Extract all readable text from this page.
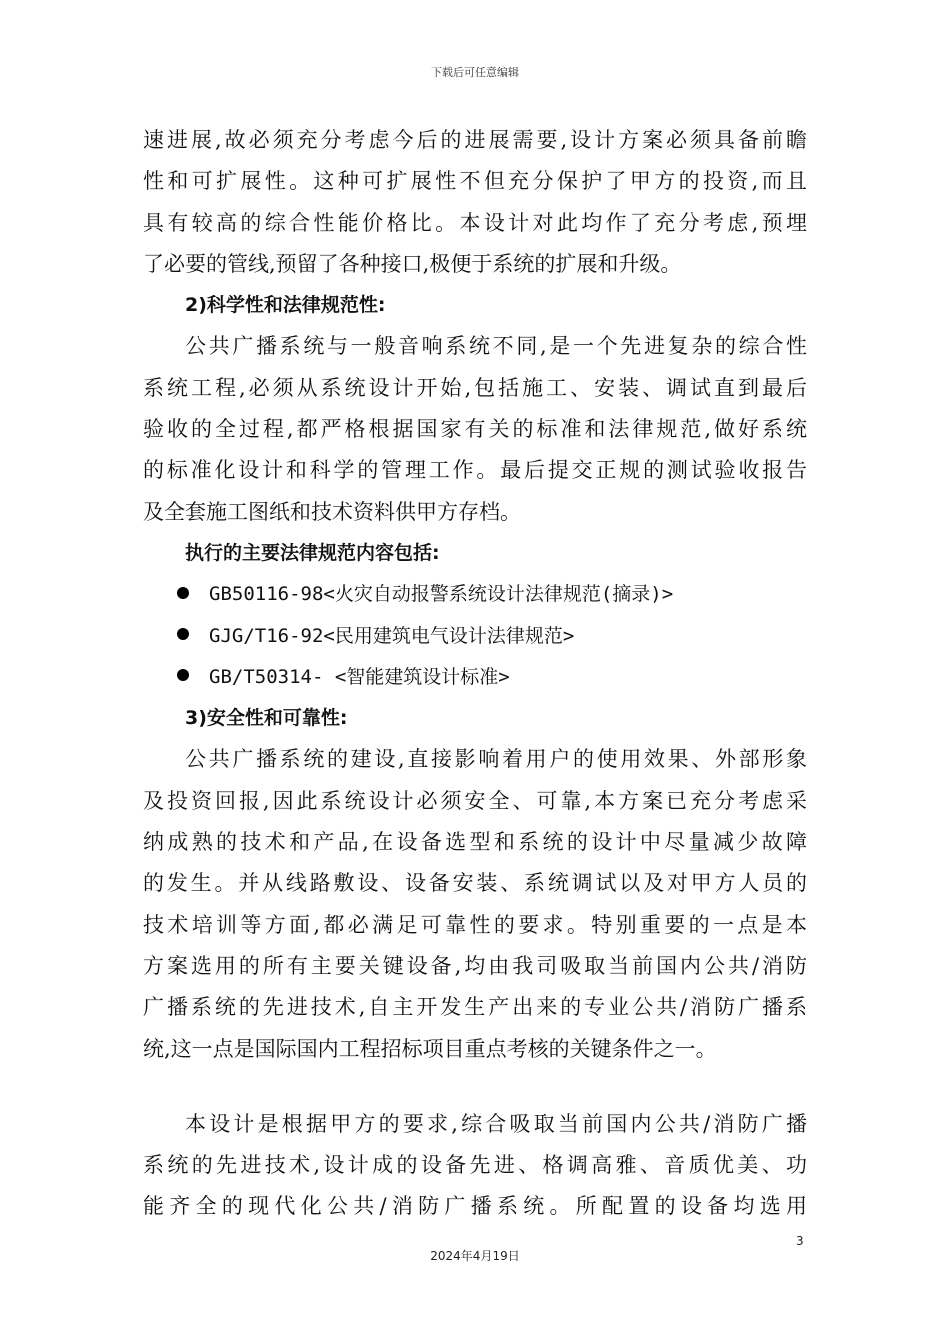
下载后可任意编辑
速进展,故必须充分考虑今后的进展需要,设计方案必须具备前瞻
性和可扩展性。这种可扩展性不但充分保护了甲方的投资,而且
具有较高的综合性能价格比。本设计对此均作了充分考虑,预埋
了必要的管线,预留了各种接口,极便于系统的扩展和升级。
2)科学性和法律规范性:
公共广播系统与一般音响系统不同,是一个先进复杂的综合性
系统工程,必须从系统设计开始,包括施工、安装、调试直到最后
验收的全过程,都严格根据国家有关的标准和法律规范,做好系统
的标准化设计和科学的管理工作。最后提交正规的测试验收报告
及全套施工图纸和技术资料供甲方存档。
执行的主要法律规范内容包括:
GB50116-98<火灾自动报警系统设计法律规范(摘录)>
GJG/T16-92<民用建筑电气设计法律规范>
GB/T50314- <智能建筑设计标准>
3)安全性和可靠性:
公共广播系统的建设,直接影响着用户的使用效果、外部形象
及投资回报,因此系统设计必须安全、可靠,本方案已充分考虑采
纳成熟的技术和产品,在设备选型和系统的设计中尽量减少故障
的发生。并从线路敷设、设备安装、系统调试以及对甲方人员的
技术培训等方面,都必满足可靠性的要求。特别重要的一点是本
方案选用的所有主要关键设备,均由我司吸取当前国内公共/消防
广播系统的先进技术,自主开发生产出来的专业公共/消防广播系
统,这一点是国际国内工程招标项目重点考核的关键条件之一。
本设计是根据甲方的要求,综合吸取当前国内公共/消防广播
系统的先进技术,设计成的设备先进、格调高雅、音质优美、功
能齐全的现代化公共/消防广播系统。所配置的设备均选用
3
2024年4月19日
